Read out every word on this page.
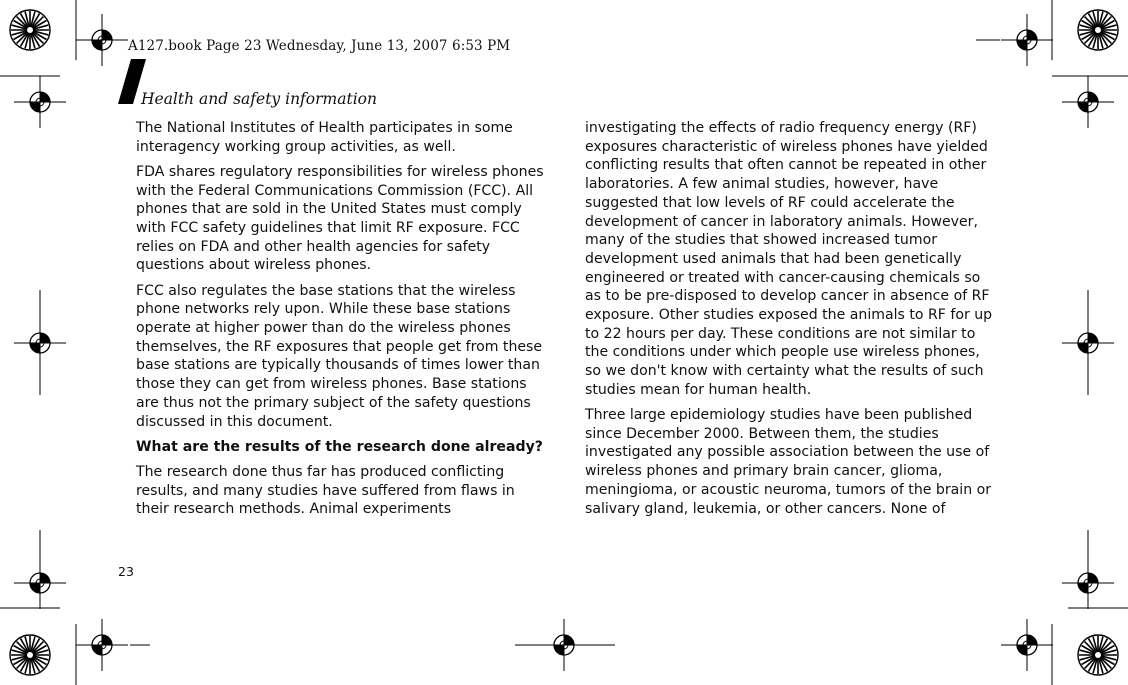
A127.book Page 23 Wednesday, June 13, 2007 6:53 PM
Health and safety information

The National Institutes of Health participates in some interagency working group activities, as well.

FDA shares regulatory responsibilities for wireless phones with the Federal Communications Commission (FCC). All phones that are sold in the United States must comply with FCC safety guidelines that limit RF exposure. FCC relies on FDA and other health agencies for safety questions about wireless phones.

FCC also regulates the base stations that the wireless phone networks rely upon. While these base stations operate at higher power than do the wireless phones themselves, the RF exposures that people get from these base stations are typically thousands of times lower than those they can get from wireless phones. Base stations are thus not the primary subject of the safety questions discussed in this document.

What are the results of the research done already?

The research done thus far has produced conflicting results, and many studies have suffered from flaws in their research methods. Animal experiments

investigating the effects of radio frequency energy (RF) exposures characteristic of wireless phones have yielded conflicting results that often cannot be repeated in other laboratories. A few animal studies, however, have suggested that low levels of RF could accelerate the development of cancer in laboratory animals. However, many of the studies that showed increased tumor development used animals that had been genetically engineered or treated with cancer-causing chemicals so as to be pre-disposed to develop cancer in absence of RF exposure. Other studies exposed the animals to RF for up to 22 hours per day. These conditions are not similar to the conditions under which people use wireless phones, so we don't know with certainty what the results of such studies mean for human health.

Three large epidemiology studies have been published since December 2000. Between them, the studies investigated any possible association between the use of wireless phones and primary brain cancer, glioma, meningioma, or acoustic neuroma, tumors of the brain or salivary gland, leukemia, or other cancers. None of

23
